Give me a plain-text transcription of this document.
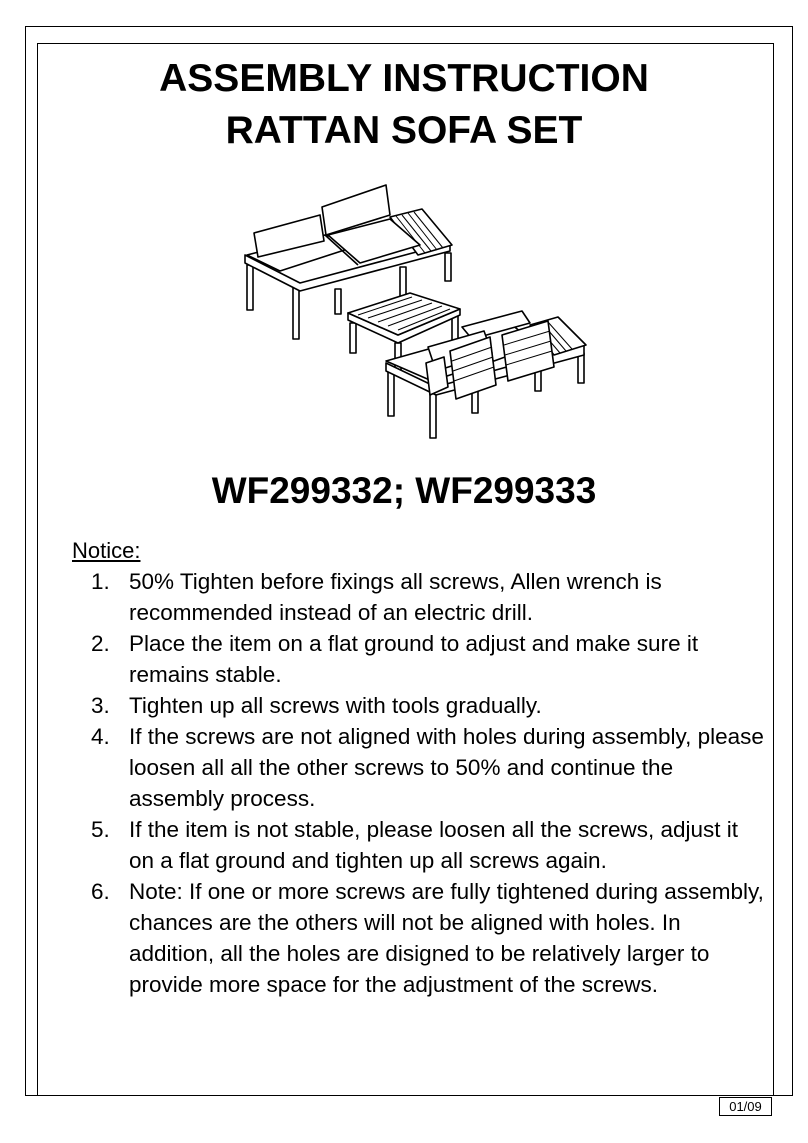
ASSEMBLY INSTRUCTION
RATTAN SOFA SET
WF299332; WF299333
Notice:
1. 50% Tighten before fixings all screws, Allen wrench is recommended instead of an electric drill.
2. Place the item on a flat ground to adjust and make sure it remains stable.
3. Tighten up all screws with tools gradually.
4. If the screws are not aligned with holes during assembly, please loosen all all the other screws to 50% and continue the assembly process.
5. If the item is not stable, please loosen all the screws, adjust it on a flat ground and tighten up all screws again.
6. Note: If one or more screws are fully tightened during assembly, chances are the others will not be aligned with holes. In addition, all the holes are disigned to be relatively larger to provide more space for the adjustment of the screws.
01/09
